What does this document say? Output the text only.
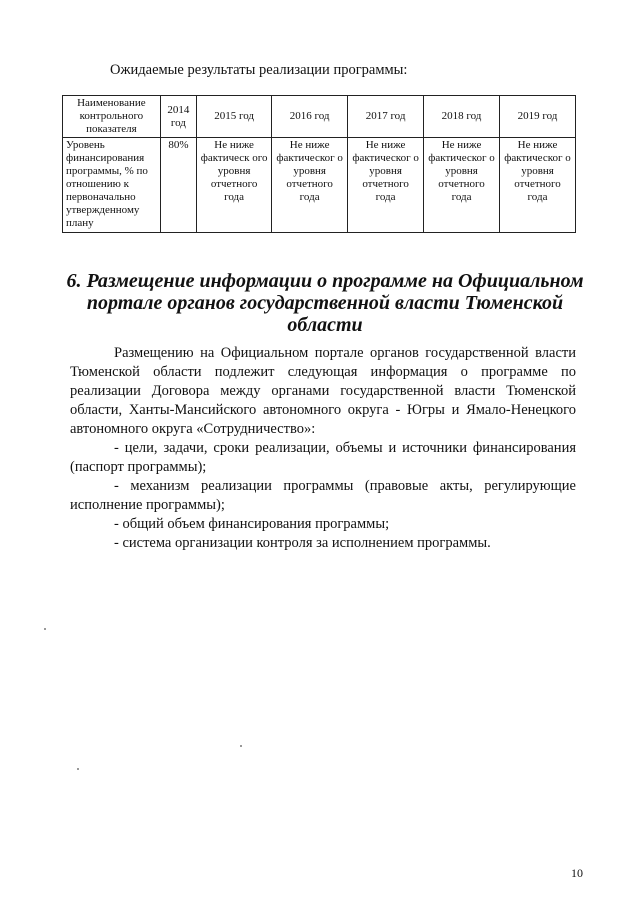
Ожидаемые результаты реализации программы:
Наименование контрольного показателя	2014 год	2015 год	2016 год	2017 год	2018 год	2019 год
Уровень финансирования программы, % по отношению к первоначально утвержденному плану	80%	Не ниже фактическ ого уровня отчетного года	Не ниже фактическог о уровня отчетного года	Не ниже фактическог о уровня отчетного года	Не ниже фактическог о уровня отчетного года	Не ниже фактическог о уровня отчетного года
6. Размещение информации о программе на Официальном портале органов государственной власти Тюменской области

Размещению на Официальном портале органов государственной власти Тюменской области подлежит следующая информация о программе по реализации Договора между органами государственной власти Тюменской области, Ханты-Мансийского автономного округа - Югры и Ямало-Ненецкого автономного округа «Сотрудничество»:

- цели, задачи, сроки реализации, объемы и источники финансирования (паспорт программы);

- механизм реализации программы (правовые акты, регулирующие исполнение программы);

- общий объем финансирования программы;

- система организации контроля за исполнением программы.

10
